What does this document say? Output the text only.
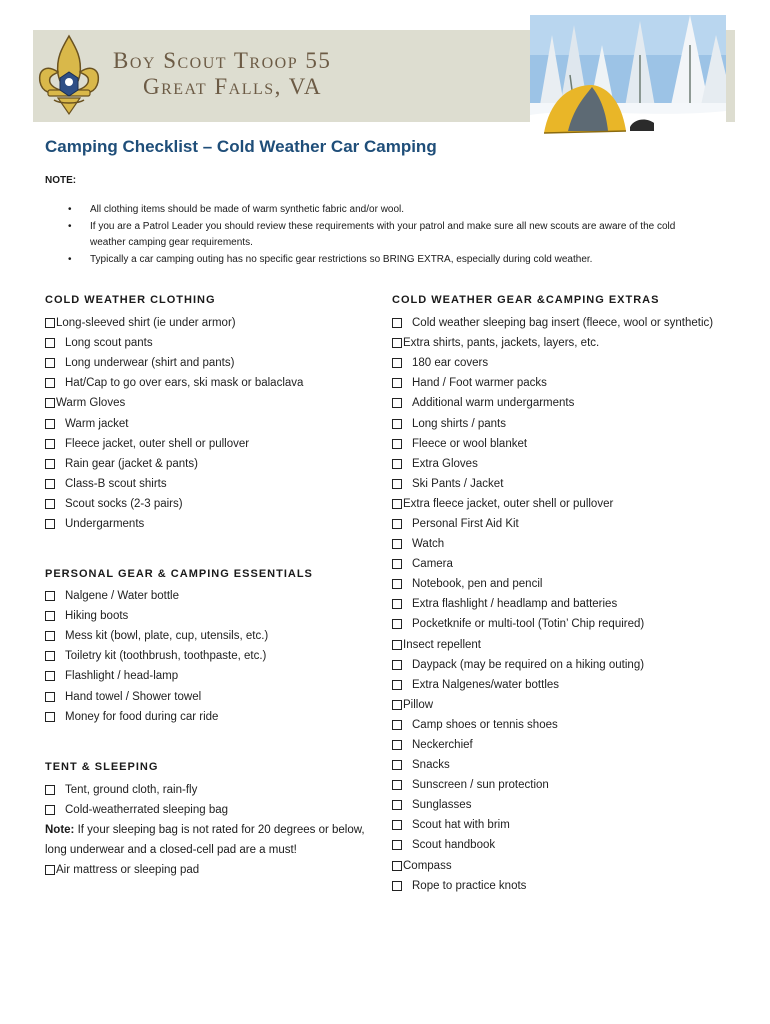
Boy Scout Troop 55
Great Falls, VA
Camping Checklist – Cold Weather Car Camping
NOTE:
• All clothing items should be made of warm synthetic fabric and/or wool.
• If you are a Patrol Leader you should review these requirements with your patrol and make sure all new scouts are aware of the cold weather camping gear requirements.
• Typically a car camping outing has no specific gear restrictions so BRING EXTRA, especially during cold weather.
COLD WEATHER CLOTHING
Long-sleeved shirt (ie under armor)
Long scout pants
Long underwear (shirt and pants)
Hat/Cap to go over ears, ski mask or balaclava
Warm Gloves
Warm jacket
Fleece jacket, outer shell or pullover
Rain gear (jacket & pants)
Class-B scout shirts
Scout socks (2-3 pairs)
Undergarments
PERSONAL GEAR & CAMPING ESSENTIALS
Nalgene / Water bottle
Hiking boots
Mess kit (bowl, plate, cup, utensils, etc.)
Toiletry kit (toothbrush, toothpaste, etc.)
Flashlight / head-lamp
Hand towel / Shower towel
Money for food during car ride
TENT & SLEEPING
Tent, ground cloth, rain-fly
Cold-weatherrated sleeping bag

Note: If your sleeping bag is not rated for 20 degrees or below, long underwear and a closed-cell pad are a must!

Air mattress or sleeping pad
COLD WEATHER GEAR &CAMPING EXTRAS
Cold weather sleeping bag insert (fleece, wool or synthetic)
Extra shirts, pants, jackets, layers, etc.
180 ear covers
Hand / Foot warmer packs
Additional warm undergarments
Long shirts / pants
Fleece or wool blanket
Extra Gloves
Ski Pants / Jacket
Extra fleece jacket, outer shell or pullover
Personal First Aid Kit
Watch
Camera
Notebook, pen and pencil
Extra flashlight / headlamp and batteries
Pocketknife or multi-tool (Totin’ Chip required)
Insect repellent
Daypack (may be required on a hiking outing)
Extra Nalgenes/water bottles
Pillow
Camp shoes or tennis shoes
Neckerchief
Snacks
Sunscreen / sun protection
Sunglasses
Scout hat with brim
Scout handbook
Compass
Rope to practice knots
